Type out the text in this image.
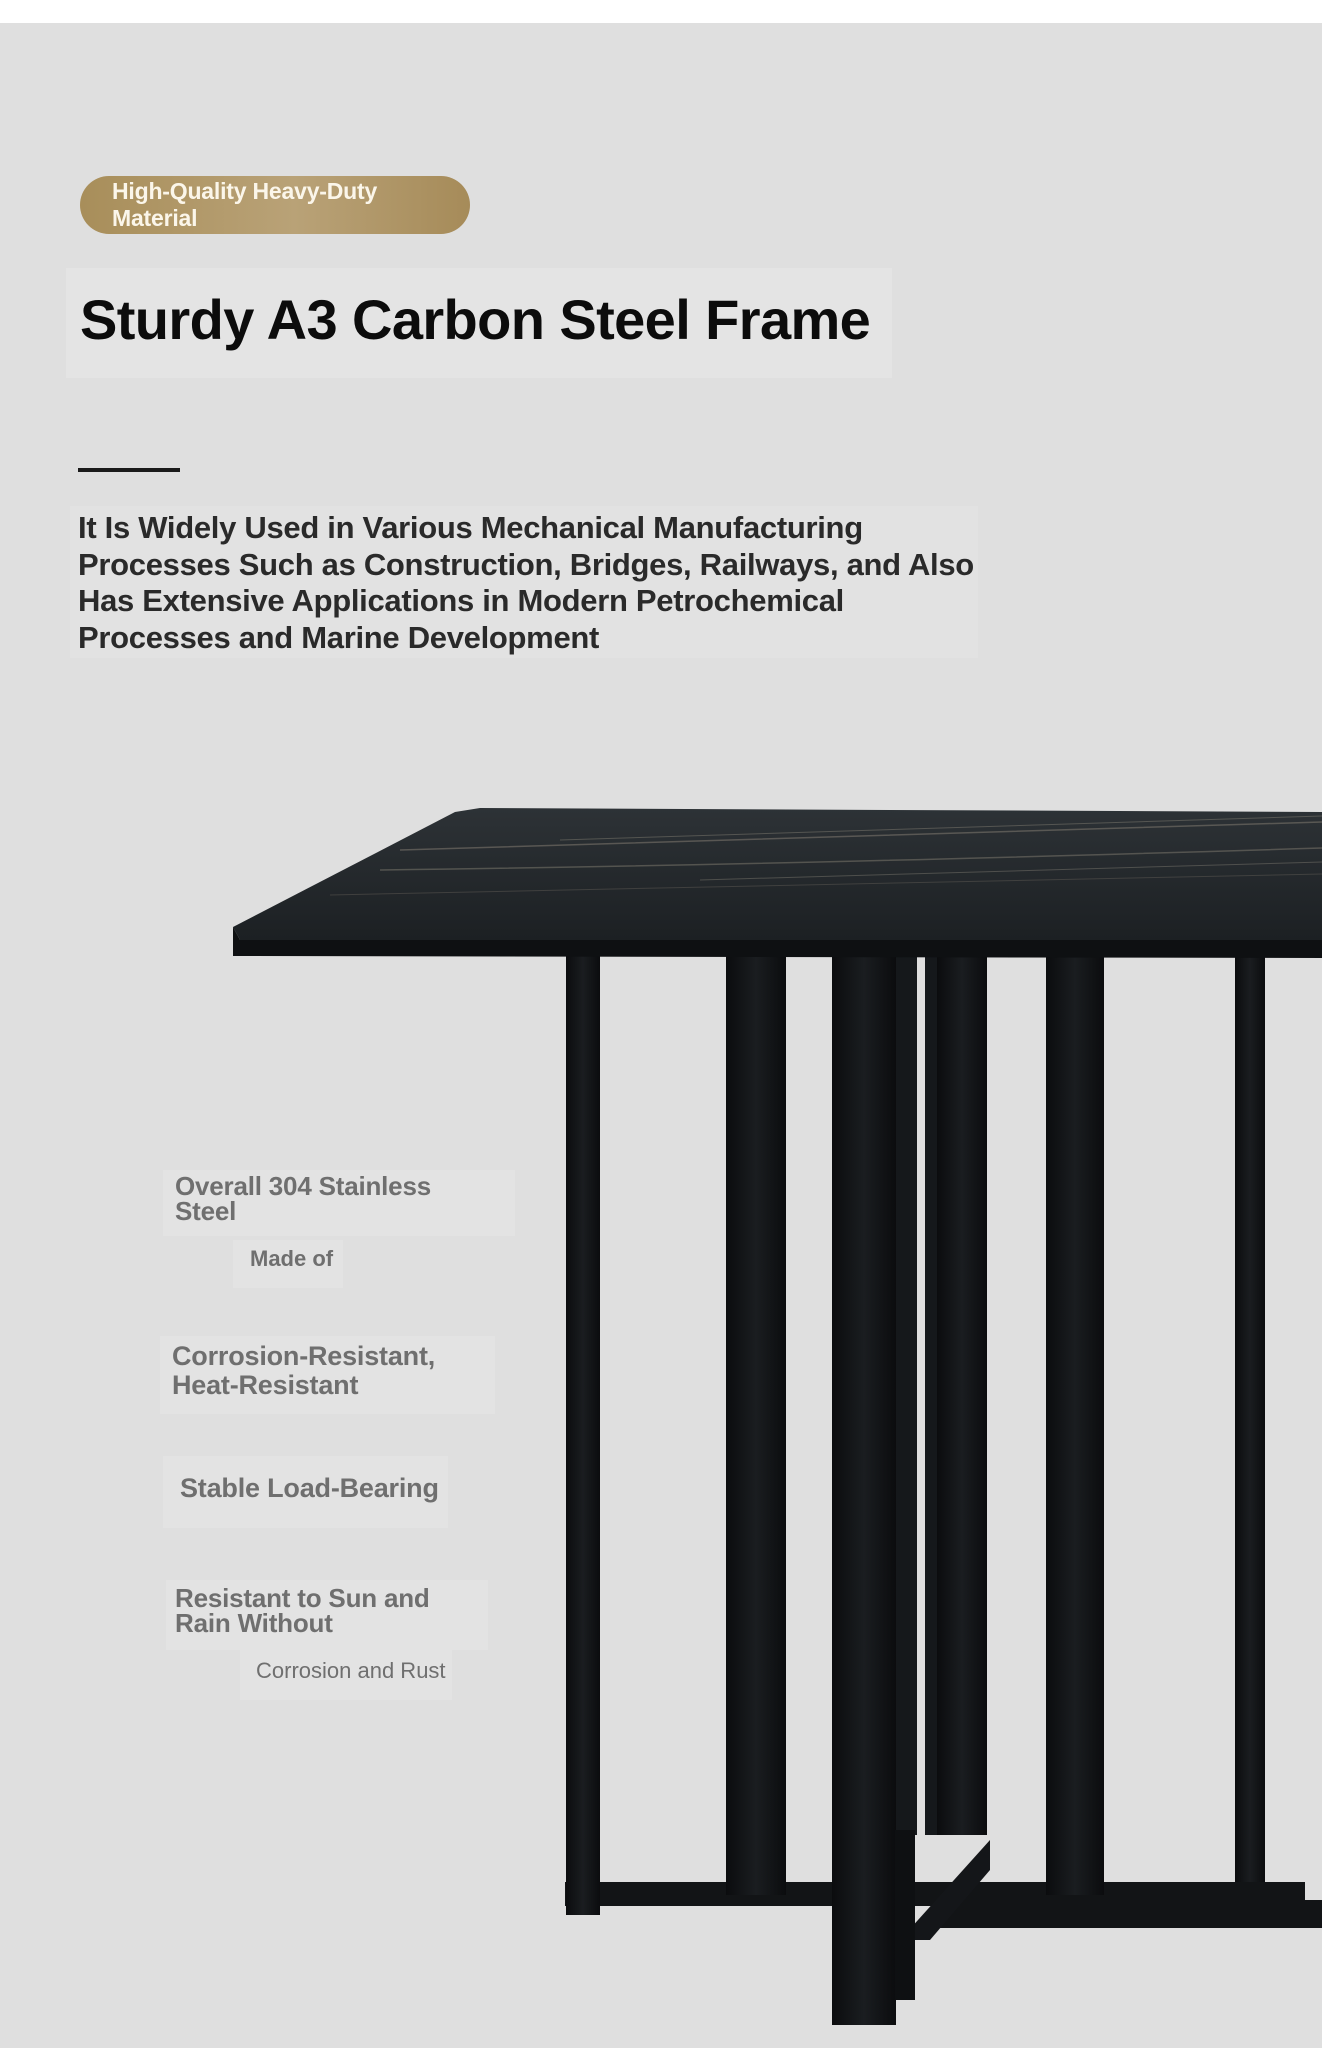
High-Quality Heavy-Duty Material
Sturdy A3 Carbon Steel Frame

It Is Widely Used in Various Mechanical Manufacturing Processes Such as Construction, Bridges, Railways, and Also Has Extensive Applications in Modern Petrochemical Processes and Marine Development

Overall 304 Stainless Steel

Made of

Corrosion-Resistant, Heat-Resistant

Stable Load-Bearing

Resistant to Sun and Rain Without

Corrosion and Rust
